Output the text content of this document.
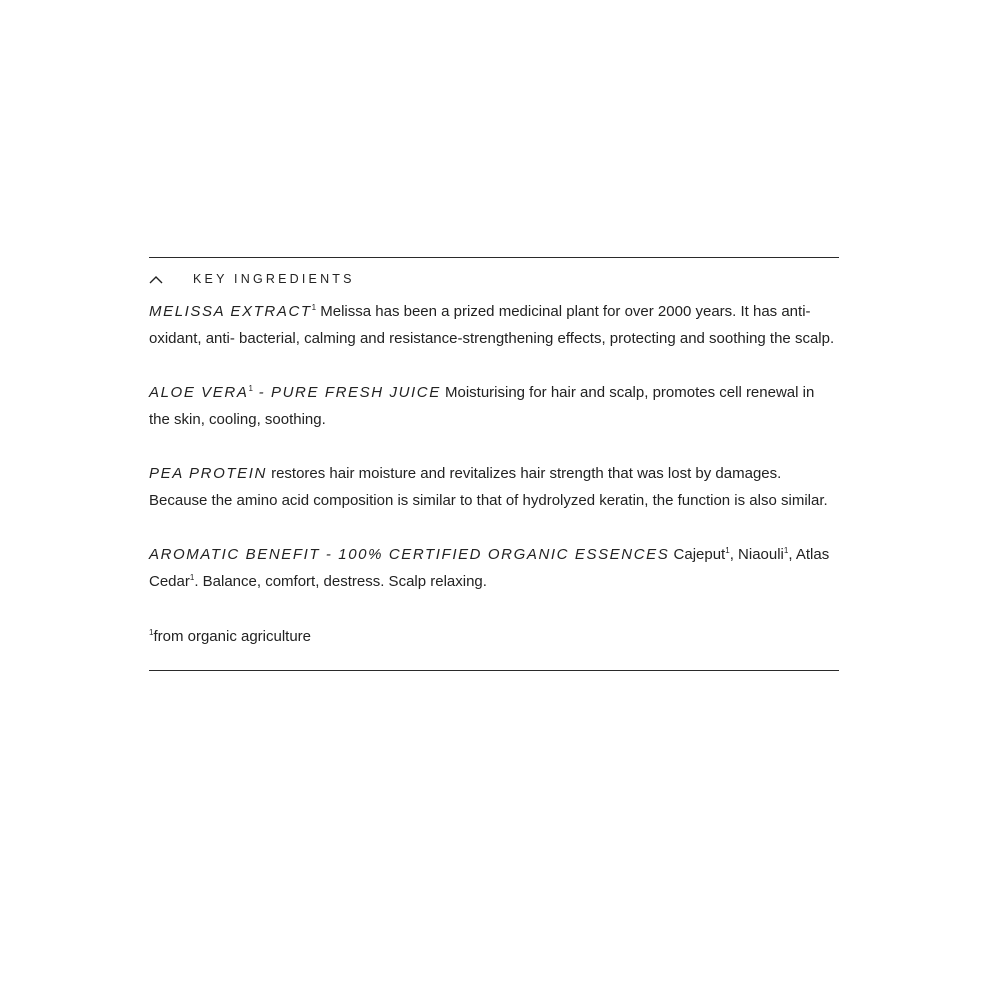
KEY INGREDIENTS

MELISSA EXTRACT$^1$ Melissa has been a prized medicinal plant for over 2000 years. It has anti-oxidant, anti- bacterial, calming and resistance-strengthening effects, protecting and soothing the scalp.

ALOE VERA$^1$ - PURE FRESH JUICE Moisturising for hair and scalp, promotes cell renewal in the skin, cooling, soothing.

PEA PROTEIN restores hair moisture and revitalizes hair strength that was lost by damages. Because the amino acid composition is similar to that of hydrolyzed keratin, the function is also similar.

AROMATIC BENEFIT - 100% CERTIFIED ORGANIC ESSENCES Cajeput$^1$, Niaouli$^1$, Atlas Cedar$^1$. Balance, comfort, destress. Scalp relaxing.

$^1$from organic agriculture
